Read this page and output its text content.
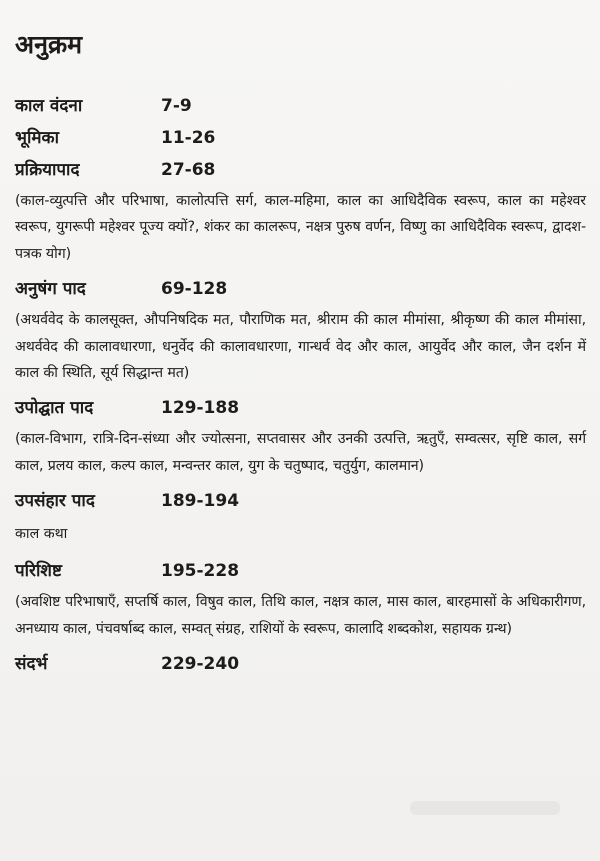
अनुक्रम
काल वंदना	7-9
भूमिका	11-26
प्रक्रियापाद	27-68
(काल-व्युत्पत्ति और परिभाषा, कालोत्पत्ति सर्ग, काल-महिमा, काल का आधिदैविक स्वरूप, काल का महेश्वर स्वरूप, युगरूपी महेश्वर पूज्य क्यों?, शंकर का कालरूप, नक्षत्र पुरुष वर्णन, विष्णु का आधिदैविक स्वरूप, द्वादश-पत्रक योग)
अनुषंग पाद	69-128
(अथर्ववेद के कालसूक्त, औपनिषदिक मत, पौराणिक मत, श्रीराम की काल मीमांसा, श्रीकृष्ण की काल मीमांसा, अथर्ववेद की कालावधारणा, धनुर्वेद की कालावधारणा, गान्धर्व वेद और काल, आयुर्वेद और काल, जैन दर्शन में काल की स्थिति, सूर्य सिद्धान्त मत)
उपोद्घात पाद	129-188
(काल-विभाग, रात्रि-दिन-संध्या और ज्योत्सना, सप्तवासर और उनकी उत्पत्ति, ऋतुएँ, सम्वत्सर, सृष्टि काल, सर्ग काल, प्रलय काल, कल्प काल, मन्वन्तर काल, युग के चतुष्पाद, चतुर्युग, कालमान)
उपसंहार पाद	189-194
काल कथा
परिशिष्ट	195-228
(अवशिष्ट परिभाषाएँ, सप्तर्षि काल, विषुव काल, तिथि काल, नक्षत्र काल, मास काल, बारहमासों के अधिकारीगण, अनध्याय काल, पंचवर्षाब्द काल, सम्वत् संग्रह, राशियों के स्वरूप, कालादि शब्दकोश, सहायक ग्रन्थ)
संदर्भ	229-240
